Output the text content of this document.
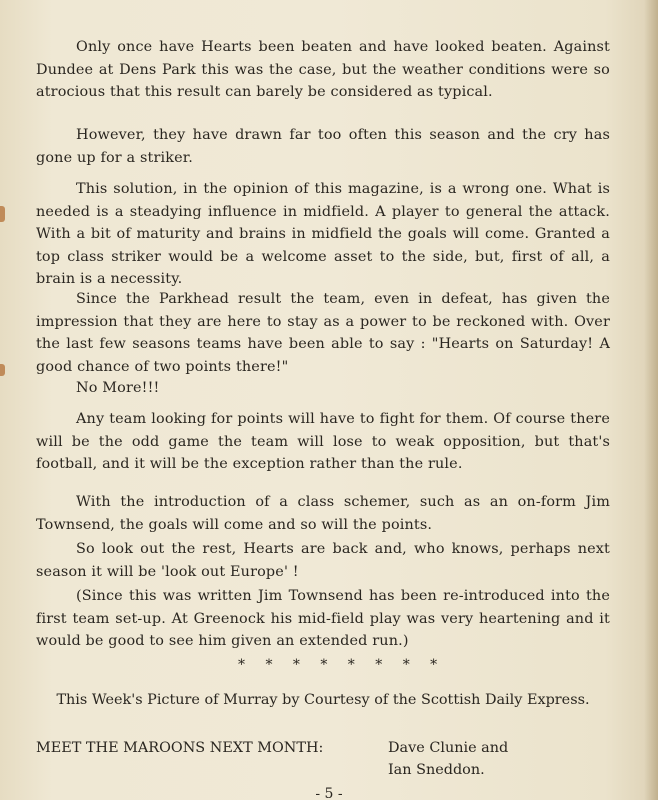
Only once have Hearts been beaten and have looked beaten. Against Dundee at Dens Park this was the case, but the weather conditions were so atrocious that this result can barely be considered as typical.

However, they have drawn far too often this season and the cry has gone up for a striker.

This solution, in the opinion of this magazine, is a wrong one. What is needed is a steadying influence in midfield. A player to general the attack. With a bit of maturity and brains in midfield the goals will come. Granted a top class striker would be a welcome asset to the side, but, first of all, a brain is a necessity.

Since the Parkhead result the team, even in defeat, has given the impression that they are here to stay as a power to be reckoned with. Over the last few seasons teams have been able to say : "Hearts on Saturday! A good chance of two points there!"

No More!!!

Any team looking for points will have to fight for them. Of course there will be the odd game the team will lose to weak opposition, but that's football, and it will be the exception rather than the rule.

With the introduction of a class schemer, such as an on-form Jim Townsend, the goals will come and so will the points.

So look out the rest, Hearts are back and, who knows, perhaps next season it will be 'look out Europe' !

(Since this was written Jim Townsend has been re-introduced into the first team set-up. At Greenock his mid-field play was very heartening and it would be good to see him given an extended run.)

* * * * * * * *

This Week's Picture of Murray by Courtesy of the Scottish Daily Express.

MEET THE MAROONS NEXT MONTH:	Dave Clunie and
Ian Sneddon.

- 5 -
